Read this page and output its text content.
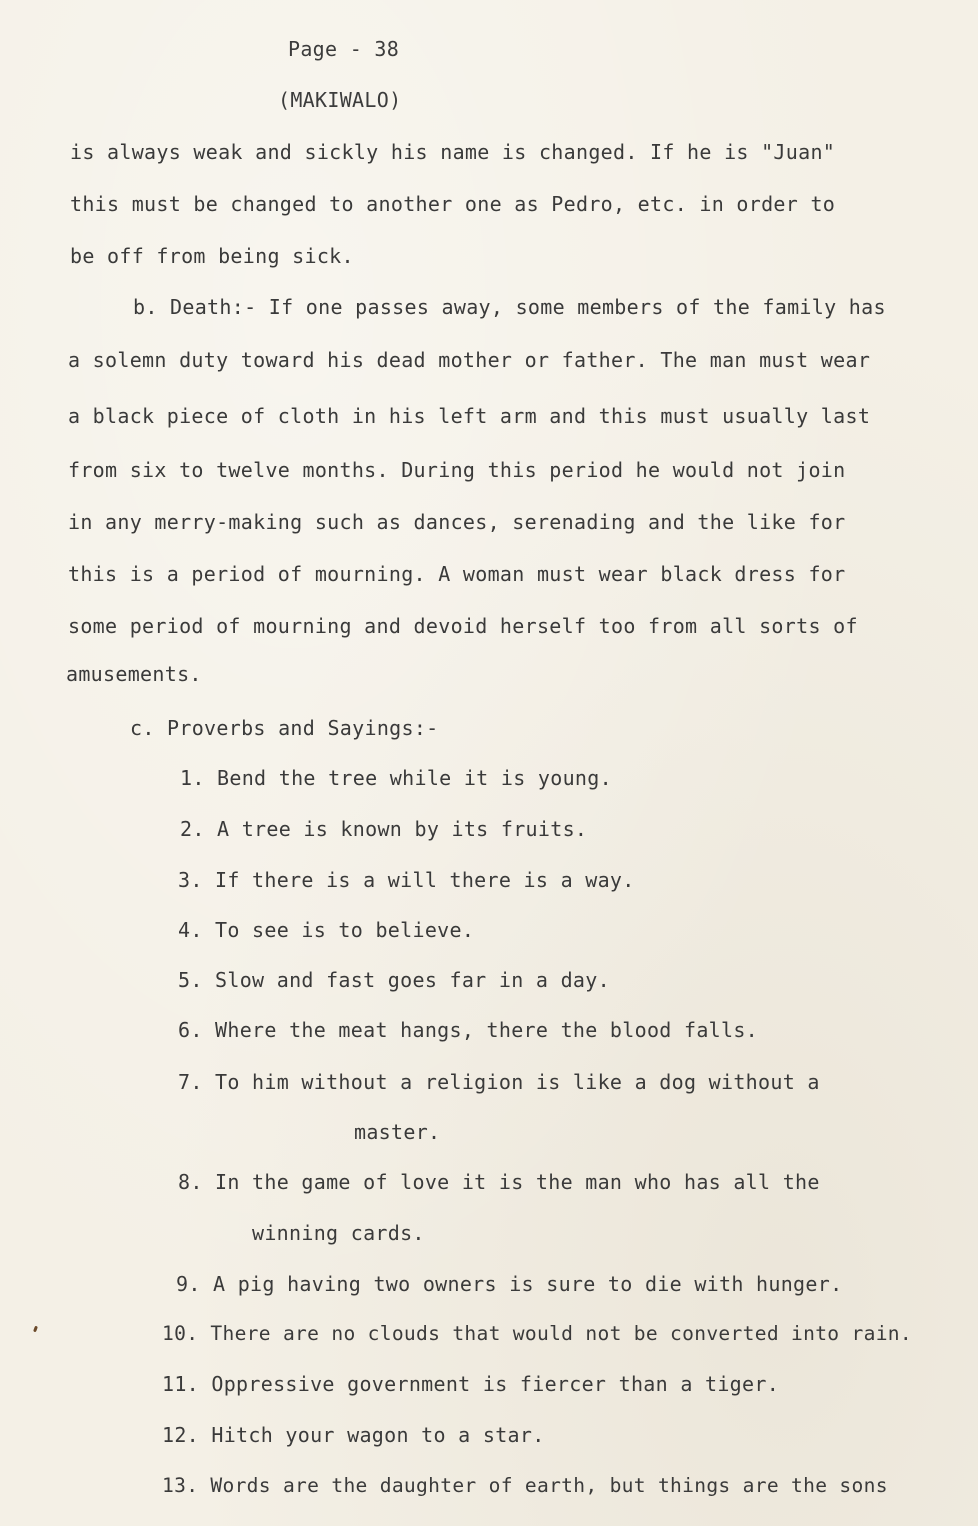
Page - 38
(MAKIWALO)
is always weak and sickly his name is changed. If he is "Juan"
this must be changed to another one as Pedro, etc. in order to
be off from being sick.
b. Death:- If one passes away, some members of the family has
a solemn duty toward his dead mother or father. The man must wear
a black piece of cloth in his left arm and this must usually last
from six to twelve months. During this period he would not join
in any merry-making such as dances, serenading and the like for
this is a period of mourning. A woman must wear black dress for
some period of mourning and devoid herself too from all sorts of
amusements.
c. Proverbs and Sayings:-
1. Bend the tree while it is young.
2. A tree is known by its fruits.
3. If there is a will there is a way.
4. To see is to believe.
5. Slow and fast goes far in a day.
6. Where the meat hangs, there the blood falls.
7. To him without a religion is like a dog without a
master.
8. In the game of love it is the man who has all the
winning cards.
9. A pig having two owners is sure to die with hunger.
10. There are no clouds that would not be converted into rain.
11. Oppressive government is fiercer than a tiger.
12. Hitch your wagon to a star.
13. Words are the daughter of earth, but things are the sons
